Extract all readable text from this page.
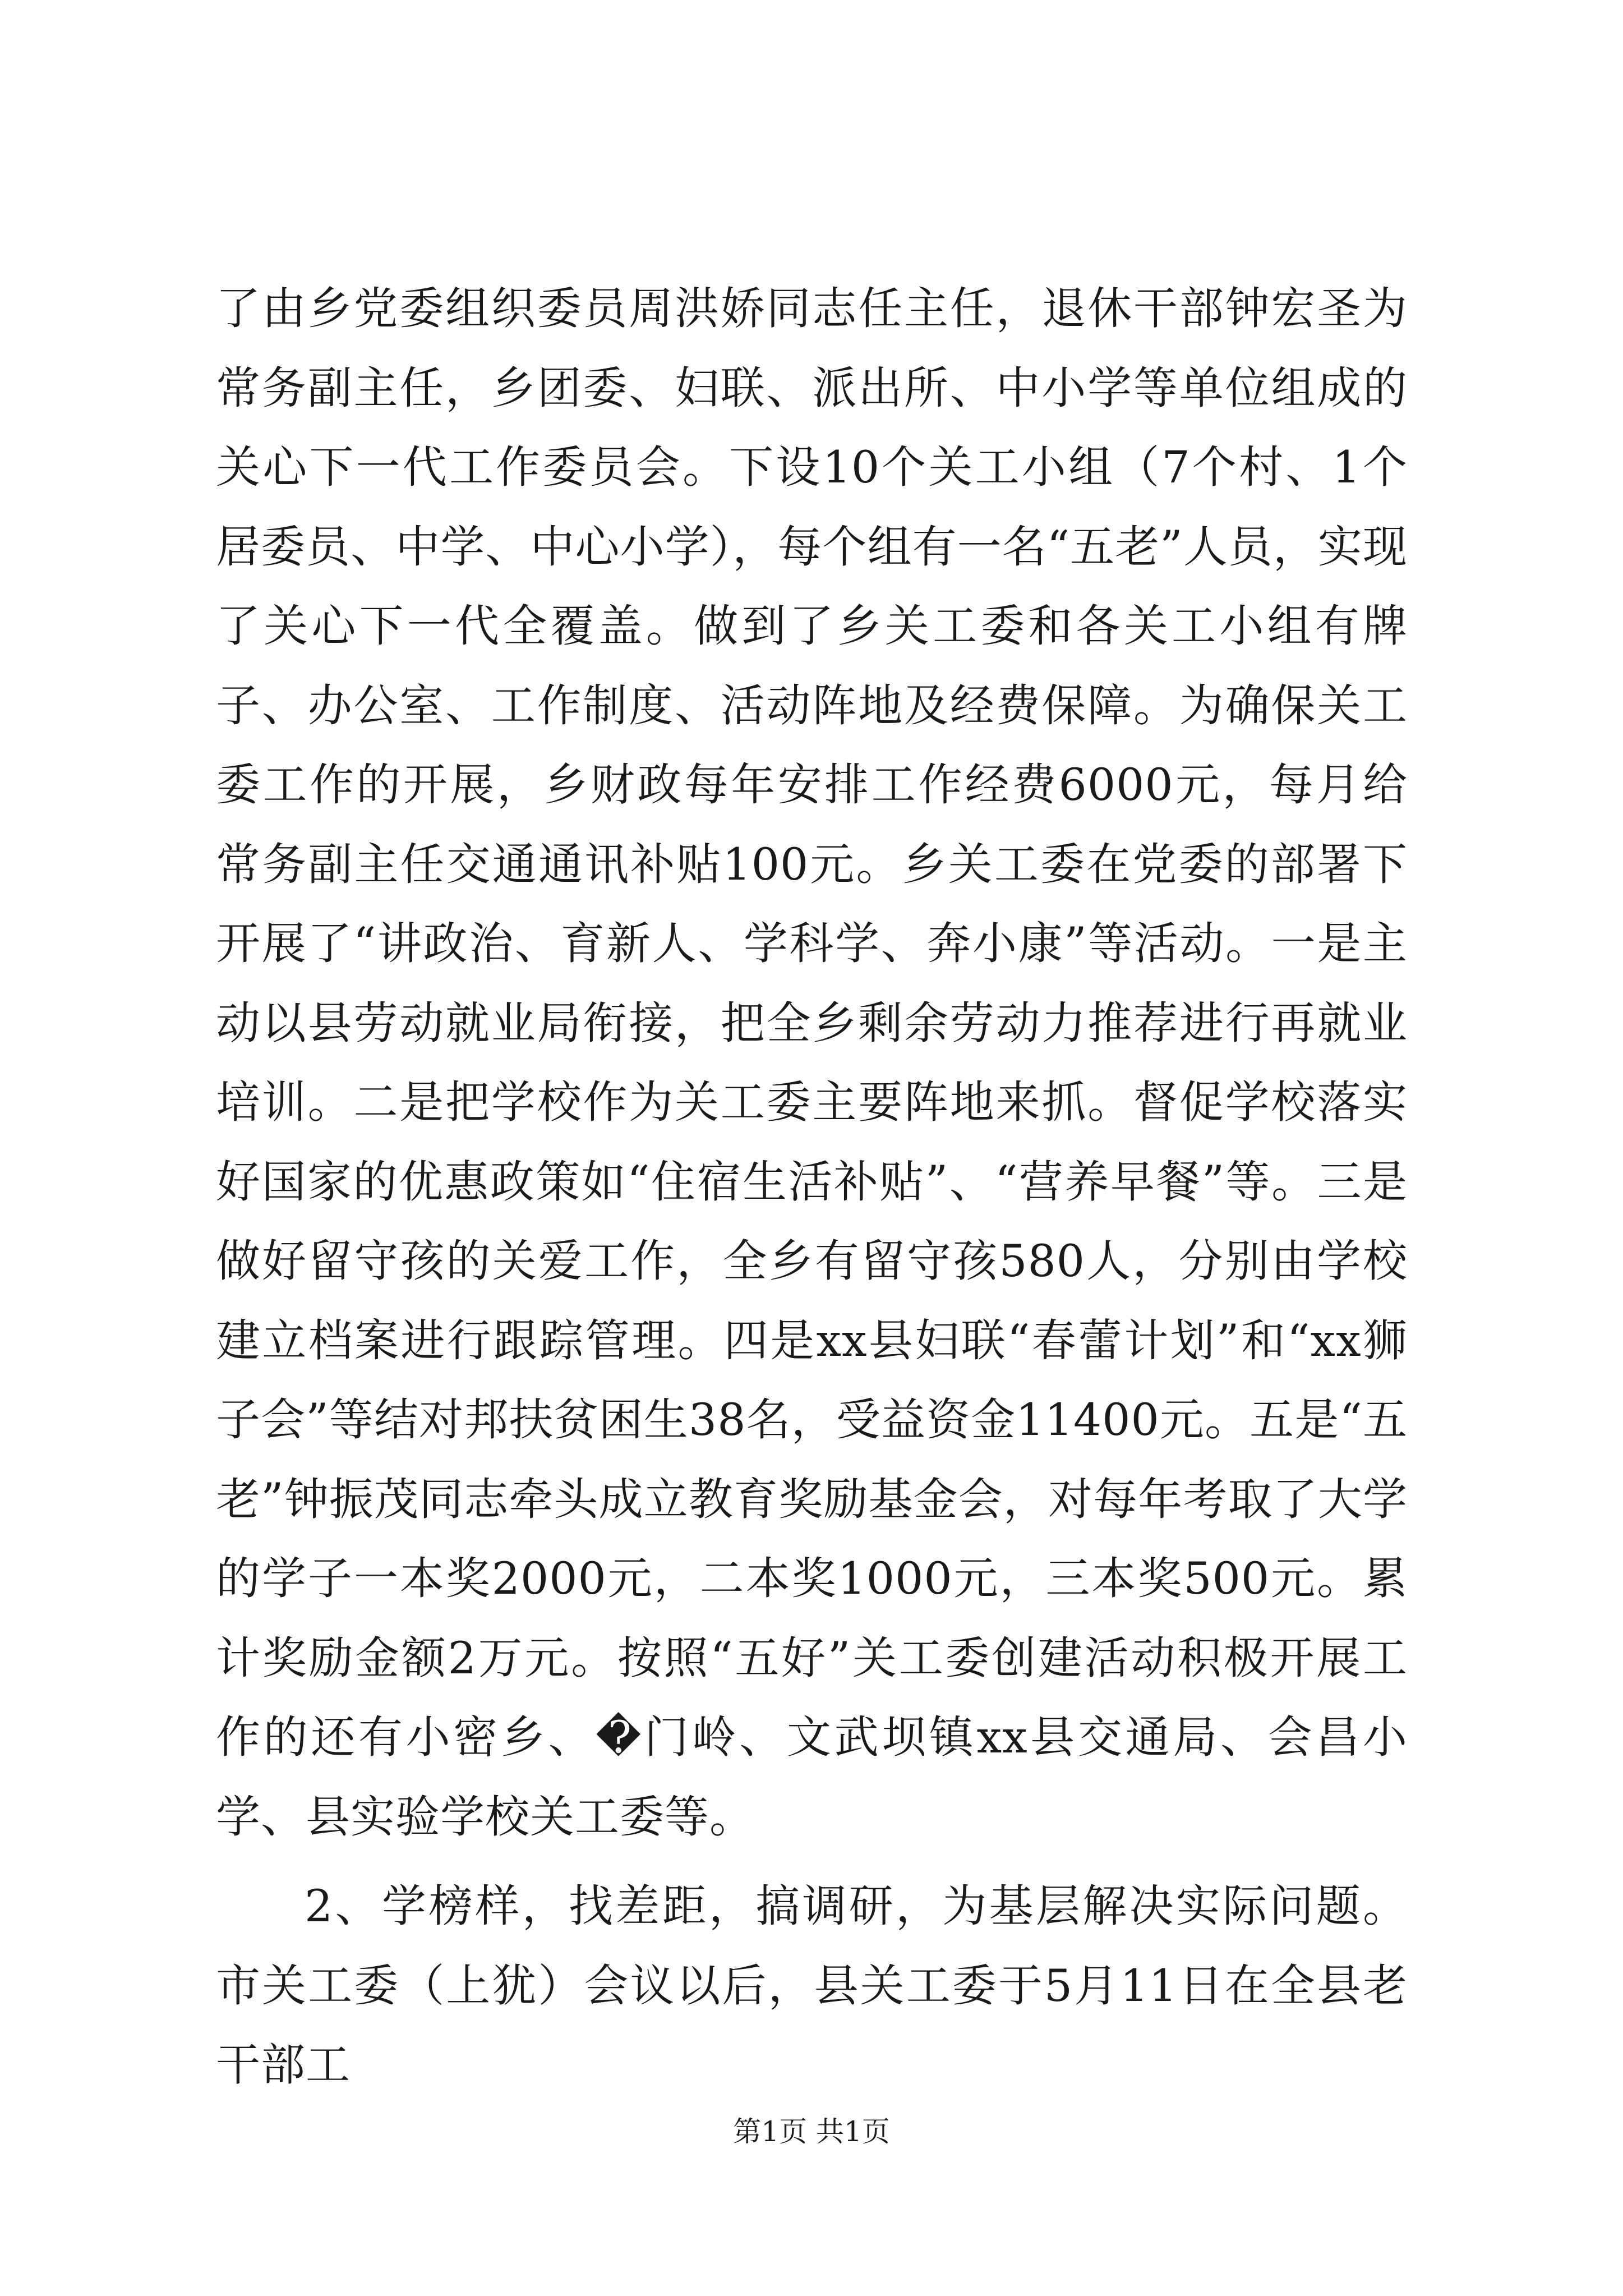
了由乡党委组织委员周洪娇同志任主任，退休干部钟宏圣为常务副主任，乡团委、妇联、派出所、中小学等单位组成的关心下一代工作委员会。下设10个关工小组（7个村、1个居委员、中学、中心小学），每个组有一名“五老”人员，实现了关心下一代全覆盖。做到了乡关工委和各关工小组有牌子、办公室、工作制度、活动阵地及经费保障。为确保关工委工作的开展，乡财政每年安排工作经费6000元，每月给常务副主任交通通讯补贴100元。乡关工委在党委的部署下开展了“讲政治、育新人、学科学、奔小康”等活动。一是主动以县劳动就业局衔接，把全乡剩余劳动力推荐进行再就业培训。二是把学校作为关工委主要阵地来抓。督促学校落实好国家的优惠政策如“住宿生活补贴”、“营养早餐”等。三是做好留守孩的关爱工作，全乡有留守孩580人，分别由学校建立档案进行跟踪管理。四是xx县妇联“春蕾计划”和“xx狮子会”等结对邦扶贫困生38名，受益资金11400元。五是“五老”钟振茂同志牵头成立教育奖励基金会，对每年考取了大学的学子一本奖2000元，二本奖1000元，三本奖500元。累计奖励金额2万元。按照“五好”关工委创建活动积极开展工作的还有小密乡、�门岭、文武坝镇xx县交通局、会昌小学、县实验学校关工委等。

2、学榜样，找差距，搞调研，为基层解决实际问题。市关工委（上犹）会议以后，县关工委于5月11日在全县老干部工

第1页 共1页
